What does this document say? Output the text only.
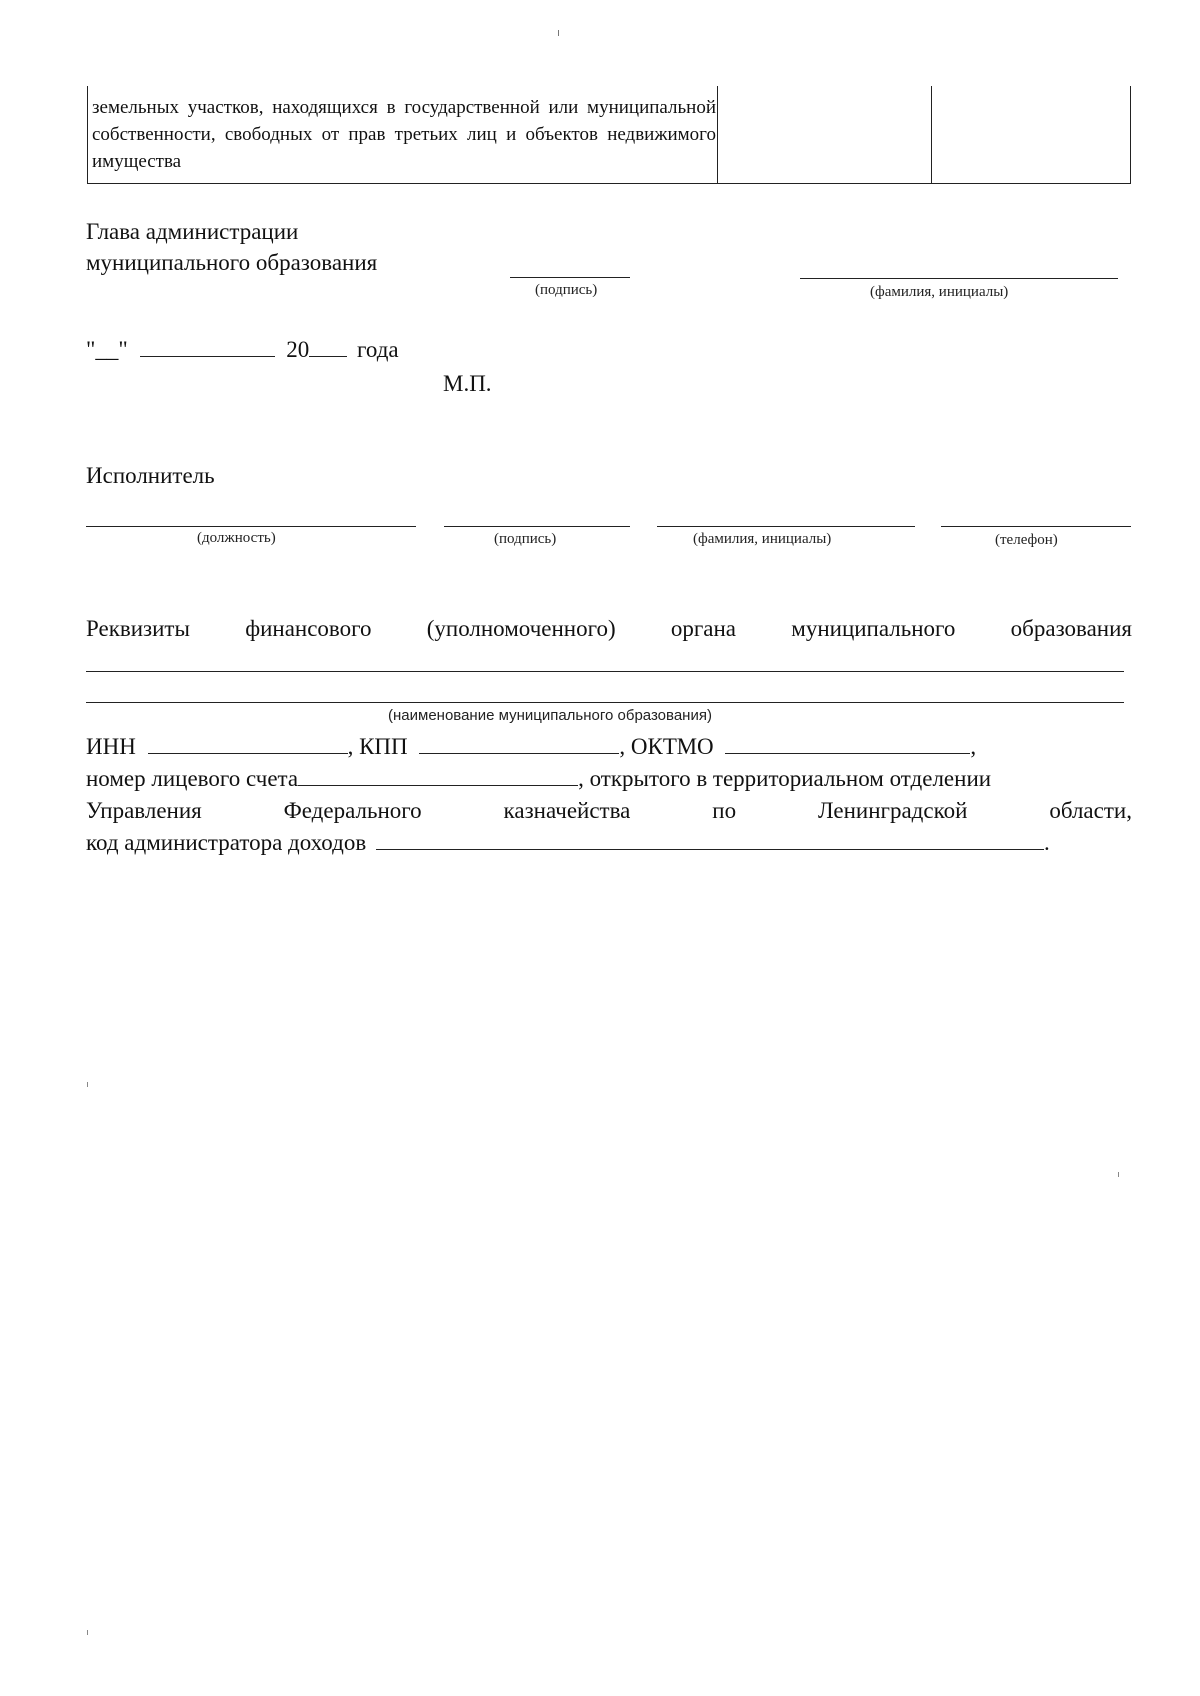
земельных участков, находящихся в государственной или муниципальной собственности, свободных от прав третьих лиц и объектов недвижимого имущества
Глава администрации
муниципального образования
(подпись)	(фамилия, инициалы)
"__"	20 года
М.П.
Исполнитель
(должность)	(подпись)	(фамилия, инициалы)	(телефон)
Реквизиты финансового (уполномоченного) органа муниципального образования
(наименование муниципального образования)
ИНН	, КПП	, ОКТМО	,
номер лицевого счета	, открытого в территориальном отделении
Управления	Федерального	казначейства	по	Ленинградской	области,
код администратора доходов	.
